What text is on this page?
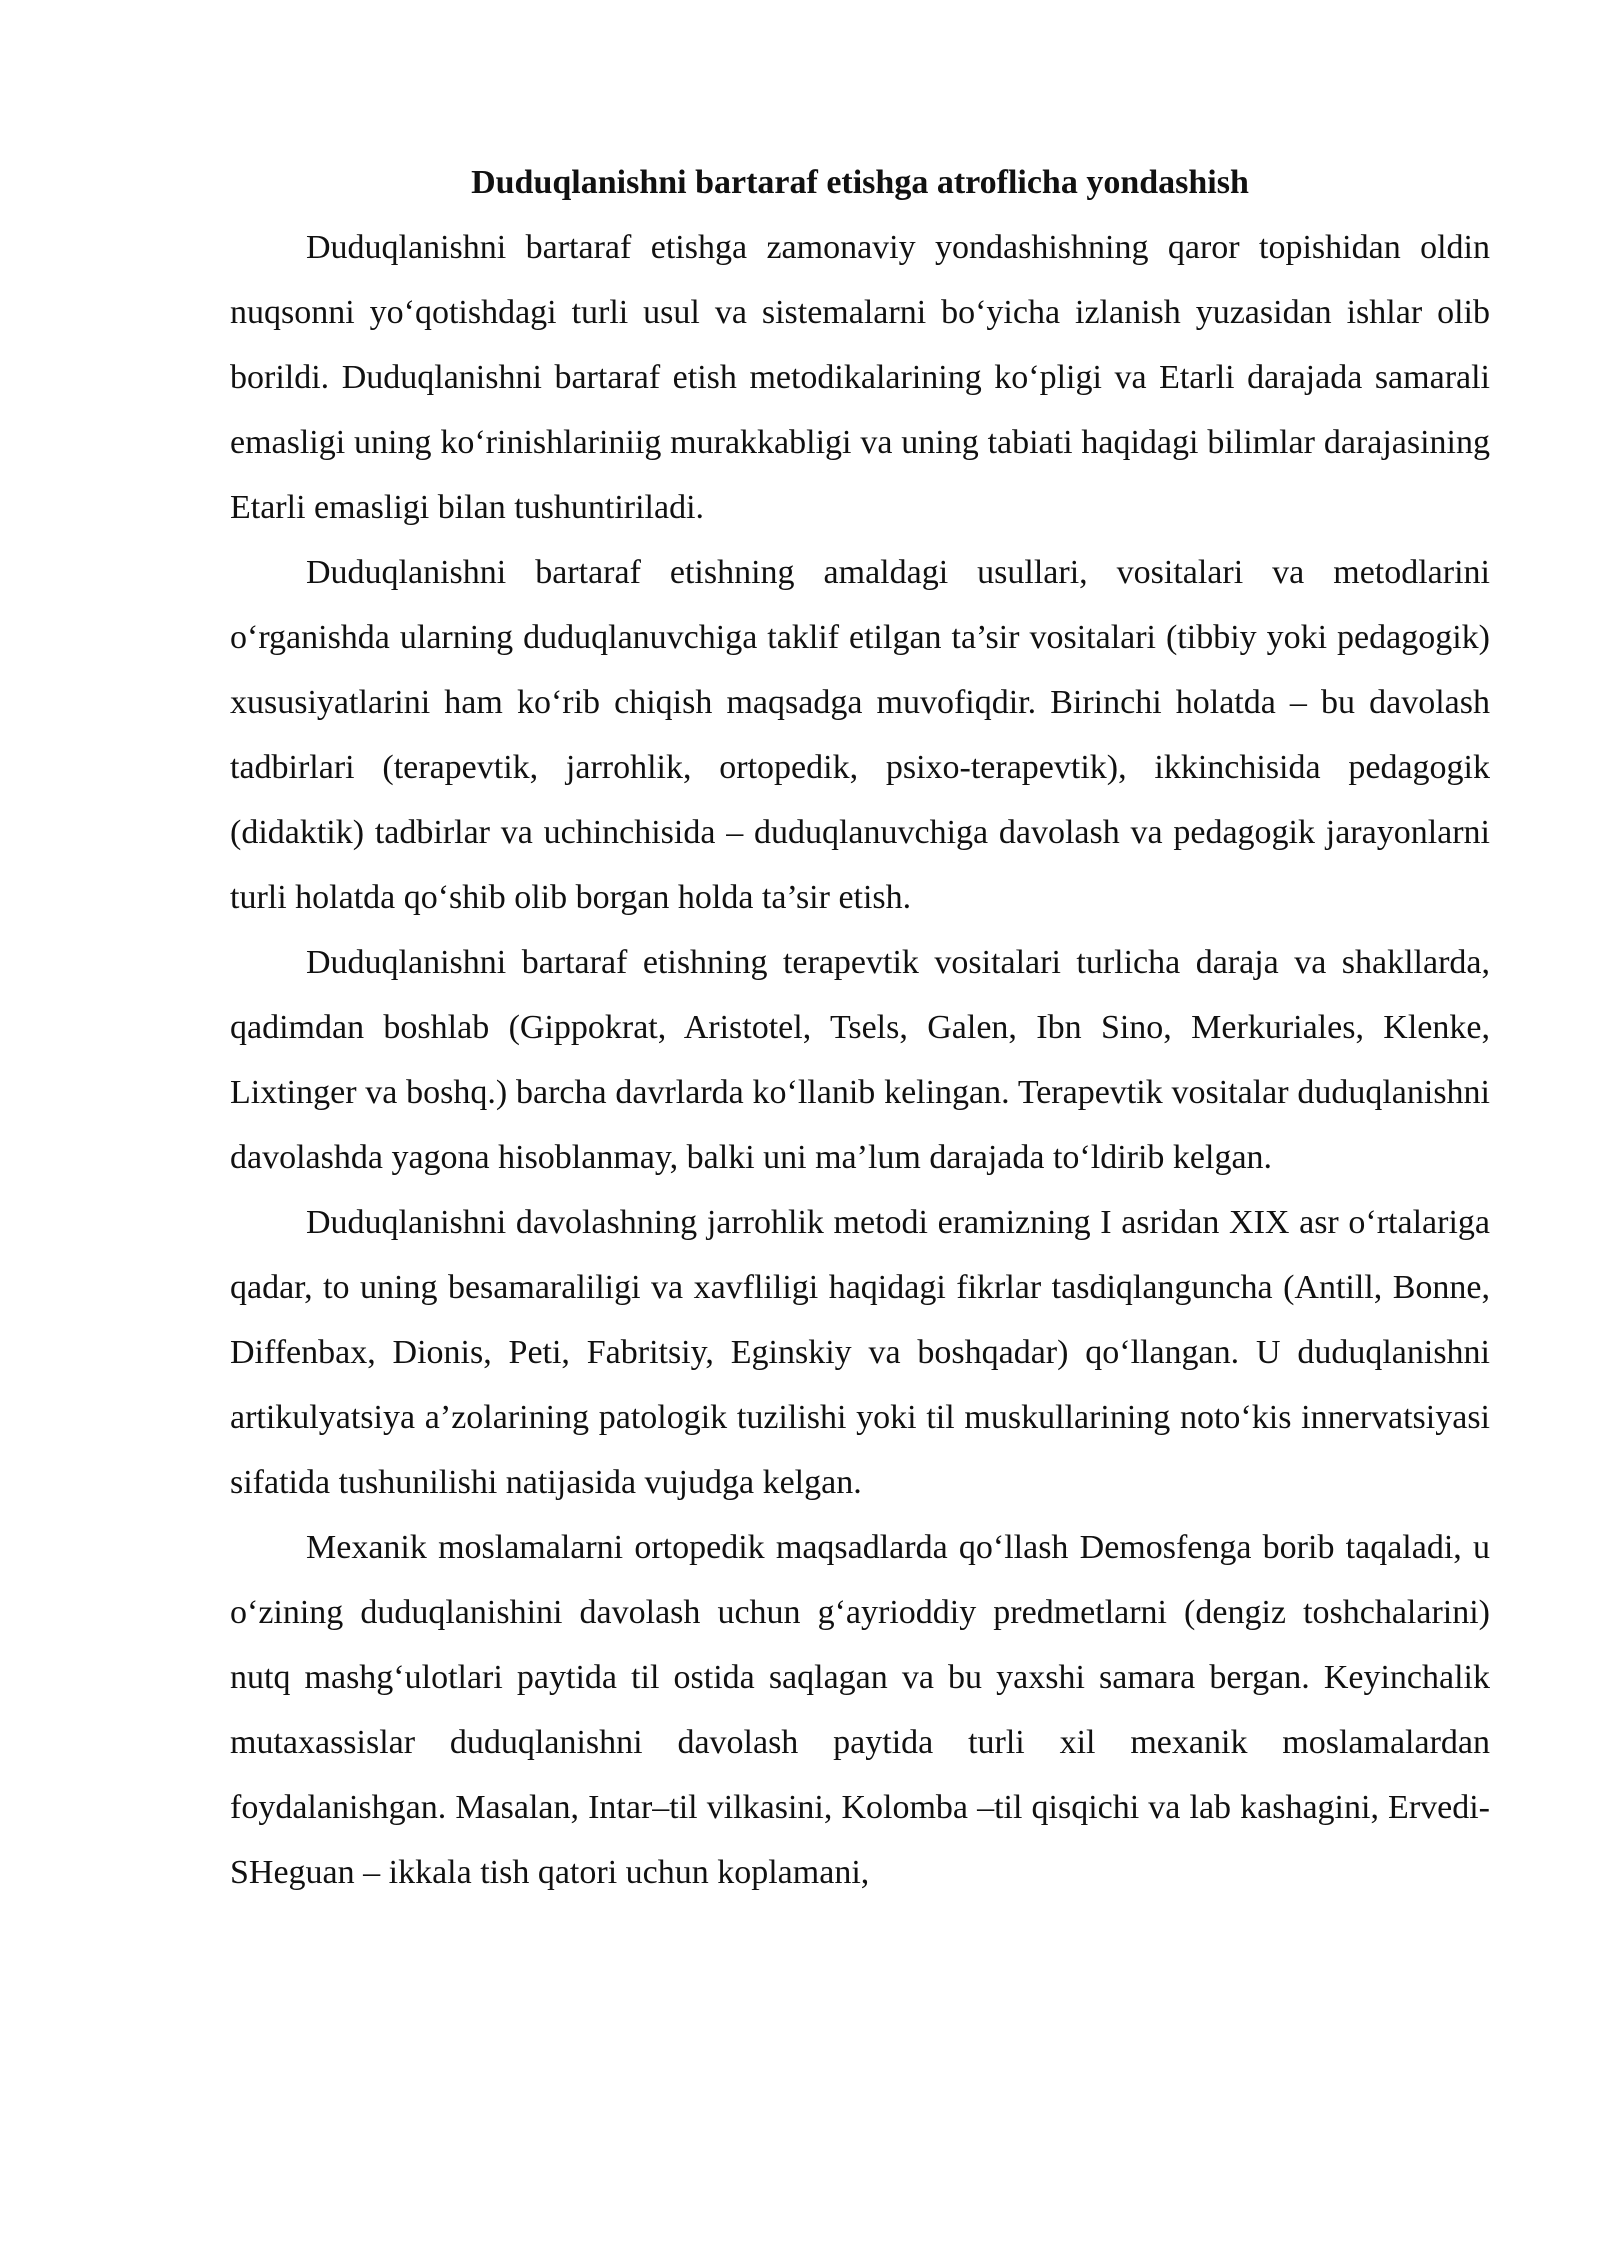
Duduqlanishni bartaraf etishga atroflicha yondashish

Duduqlanishni bartaraf etishga zamonaviy yondashishning qaror topishidan oldin nuqsonni yo‘qotishdagi turli usul va sistemalarni bo‘yicha izlanish yuzasidan ishlar olib borildi. Duduqlanishni bartaraf etish metodikalarining ko‘pligi va Etarli darajada samarali emasligi uning ko‘rinishlariniig murakkabligi va uning tabiati haqidagi bilimlar darajasining Etarli emasligi bilan tushuntiriladi.

Duduqlanishni bartaraf etishning amaldagi usullari, vositalari va metodlarini o‘rganishda ularning duduqlanuvchiga taklif etilgan ta’sir vositalari (tibbiy yoki pedagogik) xususiyatlarini ham ko‘rib chiqish maqsadga muvofiqdir. Birinchi holatda – bu davolash tadbirlari (terapevtik, jarrohlik, ortopedik, psixo-terapevtik), ikkinchisida pedagogik (didaktik) tadbirlar va uchinchisida – duduqlanuvchiga davolash va pedagogik jarayonlarni turli holatda qo‘shib olib borgan holda ta’sir etish.

Duduqlanishni bartaraf etishning terapevtik vositalari turlicha daraja va shakllarda, qadimdan boshlab (Gippokrat, Aristotel, Tsels, Galen, Ibn Sino, Merkuriales, Klenke, Lixtinger va boshq.) barcha davrlarda ko‘llanib kelingan. Terapevtik vositalar duduqlanishni davolashda yagona hisoblanmay, balki uni ma’lum darajada to‘ldirib kelgan.

Duduqlanishni davolashning jarrohlik metodi eramizning I asridan XIX asr o‘rtalariga qadar, to uning besamaraliligi va xavfliligi haqidagi fikrlar tasdiqlanguncha (Antill, Bonne, Diffenbax, Dionis, Peti, Fabritsiy, Eginskiy va boshqadar) qo‘llangan. U duduqlanishni artikulyatsiya a’zolarining patologik tuzilishi yoki til muskullarining noto‘kis innervatsiyasi sifatida tushunilishi natijasida vujudga kelgan.

Mexanik moslamalarni ortopedik maqsadlarda qo‘llash Demosfenga borib taqaladi, u o‘zining duduqlanishini davolash uchun g‘ayrioddiy predmetlarni (dengiz toshchalarini) nutq mashg‘ulotlari paytida til ostida saqlagan va bu yaxshi samara bergan. Keyinchalik mutaxassislar duduqlanishni davolash paytida turli xil mexanik moslamalardan foydalanishgan. Masalan, Intar–til vilkasini, Kolomba –til qisqichi va lab kashagini, Ervedi-SHeguan – ikkala tish qatori uchun koplamani,
